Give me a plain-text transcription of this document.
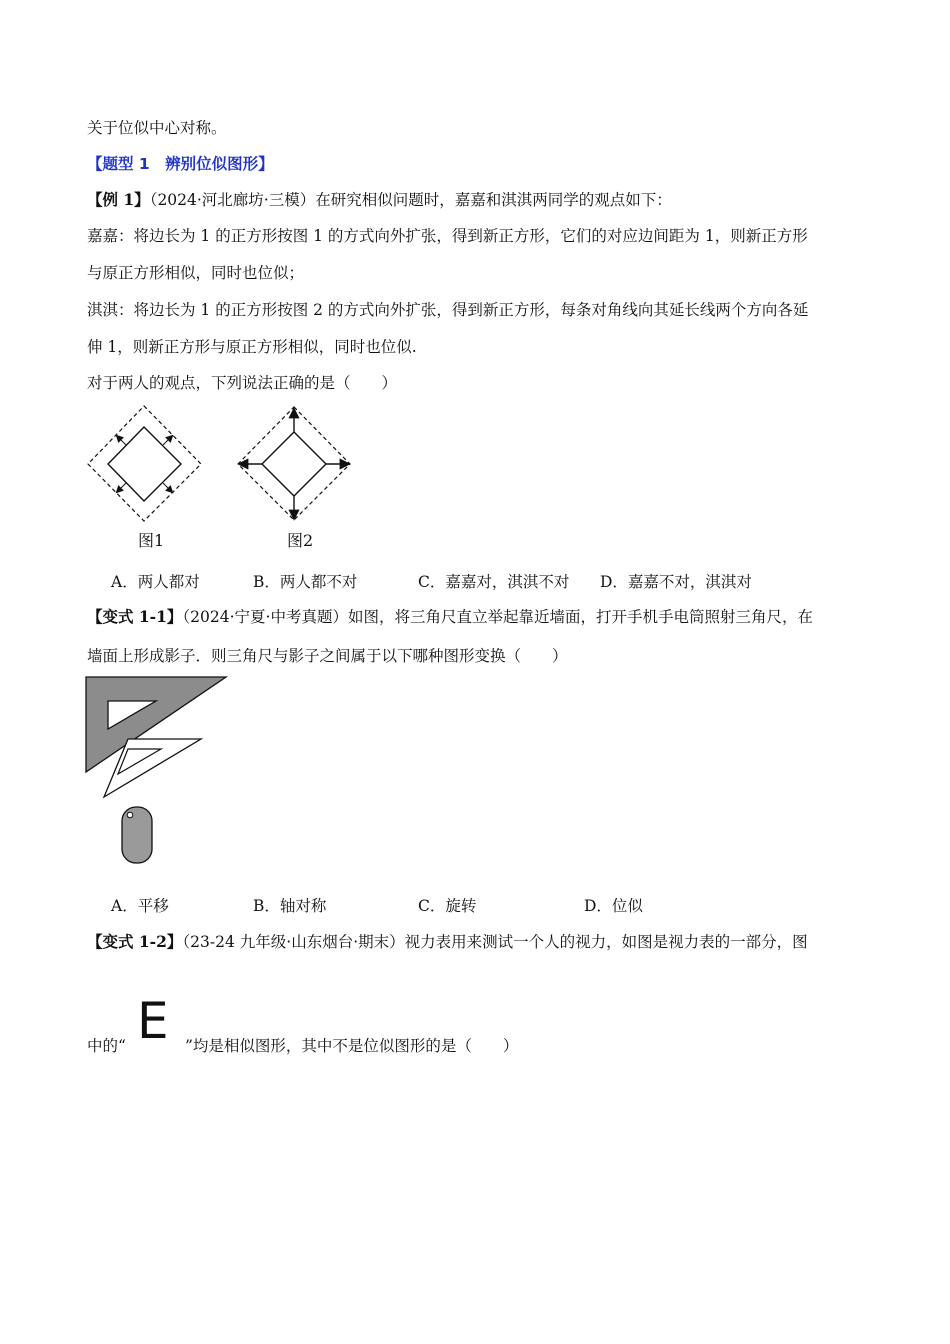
关于位似中心对称。
【题型 1　辨别位似图形】
【例 1】（2024·河北廊坊·三模）在研究相似问题时，嘉嘉和淇淇两同学的观点如下：
嘉嘉：将边长为 1 的正方形按图 1 的方式向外扩张，得到新正方形，它们的对应边间距为 1，则新正方形
与原正方形相似，同时也位似；
淇淇：将边长为 1 的正方形按图 2 的方式向外扩张，得到新正方形，每条对角线向其延长线两个方向各延
伸 1，则新正方形与原正方形相似，同时也位似.
对于两人的观点，下列说法正确的是（　　）
图1	图2
A．两人都对	B．两人都不对	C．嘉嘉对，淇淇不对 D．嘉嘉不对，淇淇对
【变式 1-1】（2024·宁夏·中考真题）如图，将三角尺直立举起靠近墙面，打开手机手电筒照射三角尺，在
墙面上形成影子．则三角尺与影子之间属于以下哪种图形变换（　　）
A．平移	B．轴对称	C．旋转	D．位似
【变式 1-2】（23-24 九年级·山东烟台·期末）视力表用来测试一个人的视力，如图是视力表的一部分，图
E
中的“	”均是相似图形，其中不是位似图形的是（　　）
